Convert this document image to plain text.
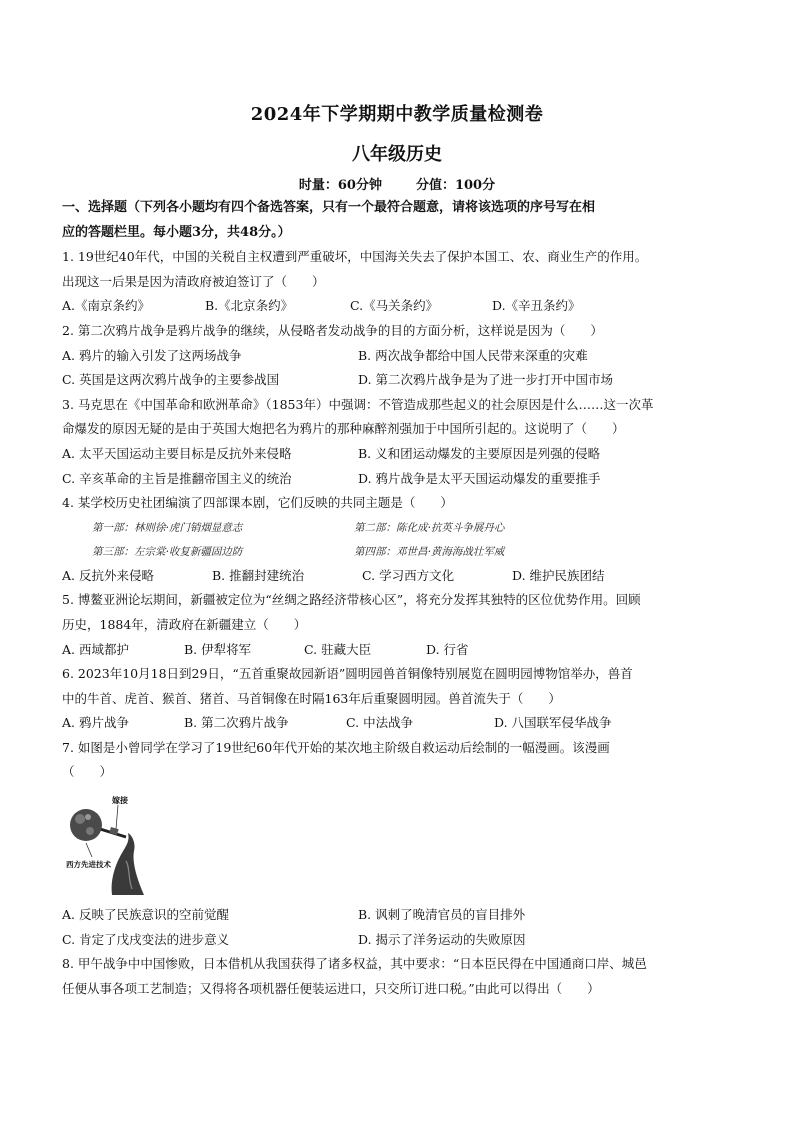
2024年下学期期中教学质量检测卷
八年级历史
时量：60分钟	分值：100分
一、选择题（下列各小题均有四个备选答案，只有一个最符合题意，请将该选项的序号写在相
应的答题栏里。每小题3分，共48分。）
1. 19世纪40年代，中国的关税自主权遭到严重破坏，中国海关失去了保护本国工、农、商业生产的作用。
出现这一后果是因为清政府被迫签订了（　　）
A.《南京条约》	B.《北京条约》	C.《马关条约》	D.《辛丑条约》
2. 第二次鸦片战争是鸦片战争的继续，从侵略者发动战争的目的方面分析，这样说是因为（　　）
A. 鸦片的输入引发了这两场战争	B. 两次战争都给中国人民带来深重的灾难
C. 英国是这两次鸦片战争的主要参战国	D. 第二次鸦片战争是为了进一步打开中国市场
3. 马克思在《中国革命和欧洲革命》（1853年）中强调：不管造成那些起义的社会原因是什么……这一次革
命爆发的原因无疑的是由于英国大炮把名为鸦片的那种麻醉剂强加于中国所引起的。这说明了（　　）
A. 太平天国运动主要目标是反抗外来侵略	B. 义和团运动爆发的主要原因是列强的侵略
C. 辛亥革命的主旨是推翻帝国主义的统治	D. 鸦片战争是太平天国运动爆发的重要推手
4. 某学校历史社团编演了四部课本剧，它们反映的共同主题是（　　）
第一部：林则徐·虎门销烟显意志	第二部：陈化成·抗英斗争展丹心
第三部：左宗棠·收复新疆固边防	第四部：邓世昌·黄海海战壮军威
A. 反抗外来侵略	B. 推翻封建统治	C. 学习西方文化	D. 维护民族团结
5. 博鳌亚洲论坛期间，新疆被定位为“丝绸之路经济带核心区”，将充分发挥其独特的区位优势作用。回顾
历史，1884年，清政府在新疆建立（　　）
A. 西域都护	B. 伊犁将军	C. 驻藏大臣	D. 行省
6. 2023年10月18日到29日，“五首重聚故园新语”圆明园兽首铜像特别展览在圆明园博物馆举办，兽首
中的牛首、虎首、猴首、猪首、马首铜像在时隔163年后重聚圆明园。兽首流失于（　　）
A. 鸦片战争	B. 第二次鸦片战争	C. 中法战争	D. 八国联军侵华战争
7. 如图是小曾同学在学习了19世纪60年代开始的某次地主阶级自救运动后绘制的一幅漫画。该漫画
（　　）
嫁接
西方先进技术
A. 反映了民族意识的空前觉醒	B. 讽刺了晚清官员的盲目排外
C. 肯定了戊戌变法的进步意义	D. 揭示了洋务运动的失败原因
8. 甲午战争中中国惨败，日本借机从我国获得了诸多权益，其中要求：“日本臣民得在中国通商口岸、城邑
任便从事各项工艺制造；又得将各项机器任便装运进口，只交所订进口税。”由此可以得出（　　）
